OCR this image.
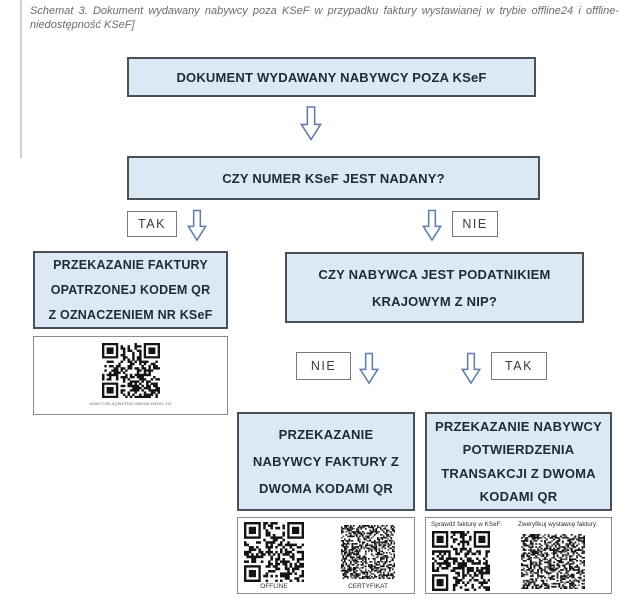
Schemat 3. Dokument wydawany nabywcy poza KSeF w przypadku faktury wystawianej w trybie offline24 i offline-
niedostępność KSeF]
DOKUMENT WYDAWANY NABYWCY POZA KSeF
CZY NUMER KSeF JEST NADANY?
TAK	NIE
PRZEKAZANIE FAKTURY
OPATRZONEJ KODEM QR
Z OZNACZENIEM NR KSeF
6289770B-3QW0TD9-HM9OKXN3ID-YG
CZY NABYWCA JEST PODATNIKIEM
KRAJOWYM Z NIP?
NIE	TAK
PRZEKAZANIE
NABYWCY FAKTURY Z
DWOMA KODAMI QR
PRZEKAZANIE NABYWCY
POTWIERDZENIA
TRANSAKCJI Z DWOMA
KODAMI QR
OFFLINE	CERTYFIKAT
Sprawdź fakturę w KSeF:	Zweryfikuj wystawcę faktury:
